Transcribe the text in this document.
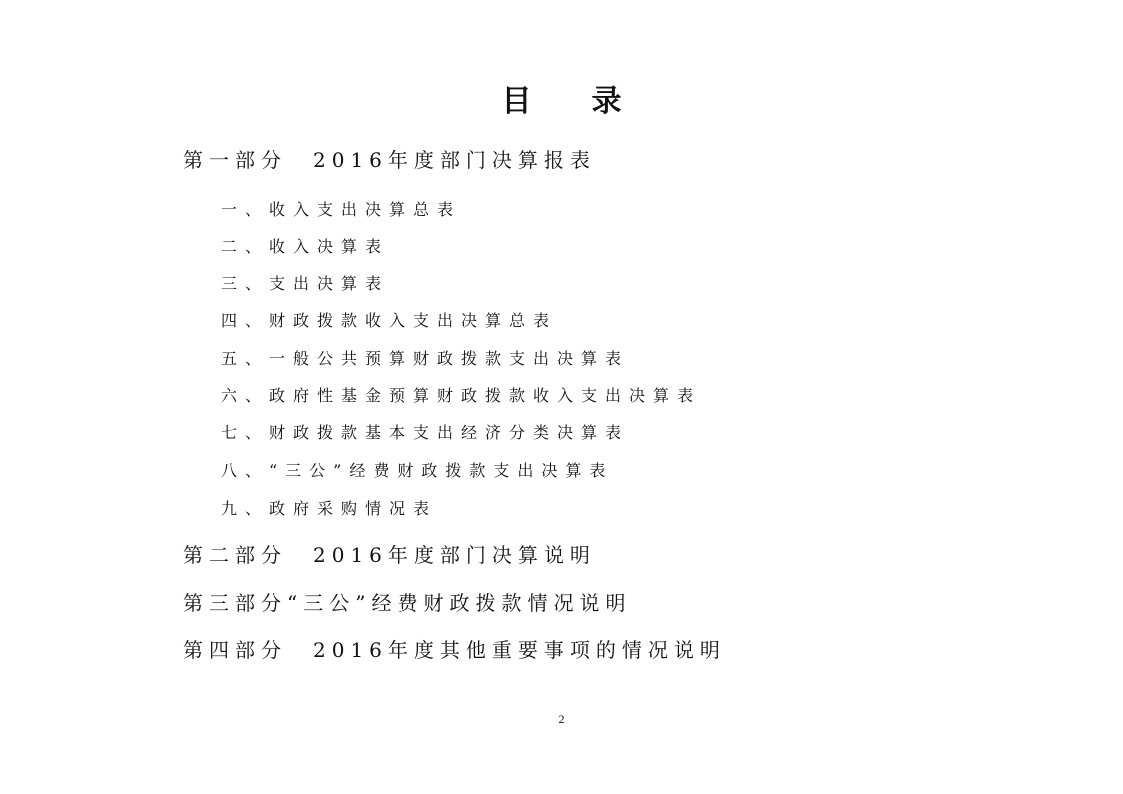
目　　录
第一部分　2016年度部门决算报表
一、收入支出决算总表
二、收入决算表
三、支出决算表
四、财政拨款收入支出决算总表
五、一般公共预算财政拨款支出决算表
六、政府性基金预算财政拨款收入支出决算表
七、财政拨款基本支出经济分类决算表
八、“三公”经费财政拨款支出决算表
九、政府采购情况表
第二部分　2016年度部门决算说明
第三部分“三公”经费财政拨款情况说明
第四部分　2016年度其他重要事项的情况说明
2
